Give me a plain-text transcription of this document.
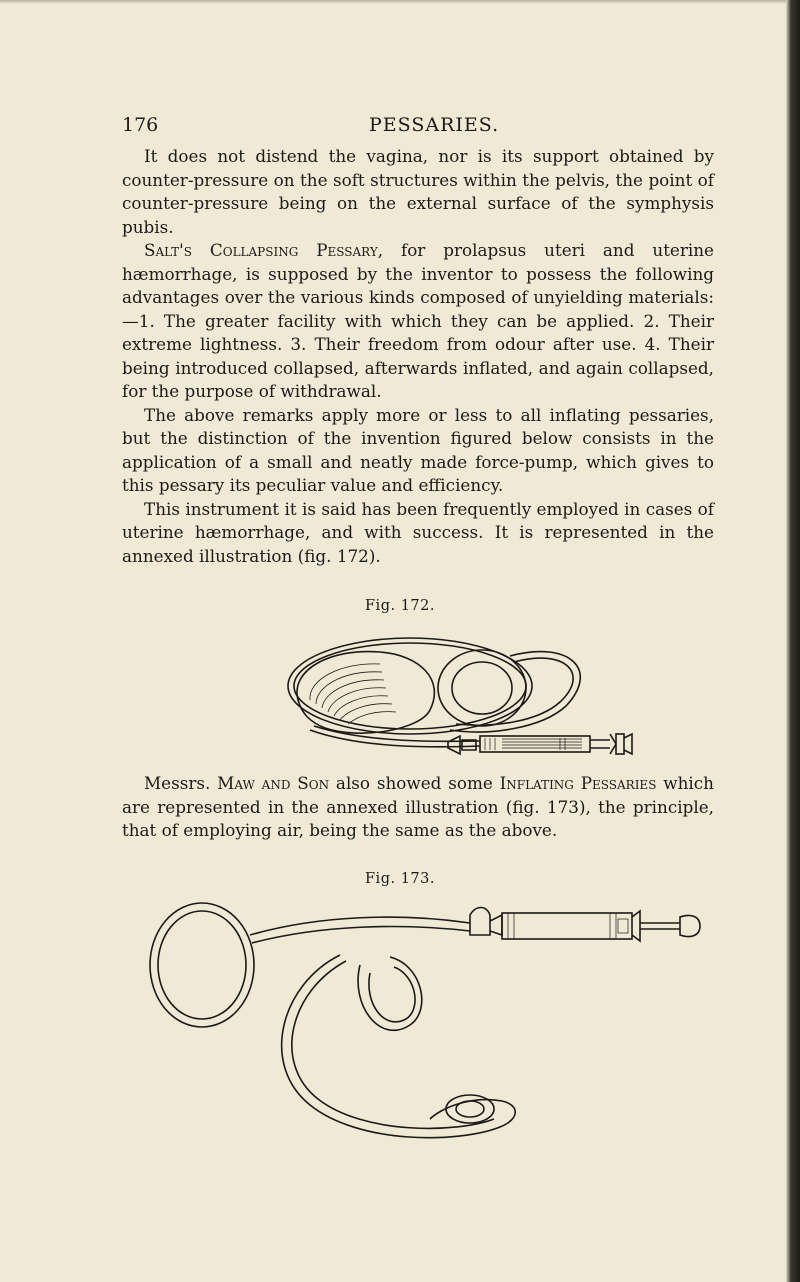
176	PESSARIES.

It does not distend the vagina, nor is its support obtained by counter-pressure on the soft structures within the pelvis, the point of counter-pressure being on the external surface of the symphysis pubis.

Salt's Collapsing Pessary, for prolapsus uteri and uterine hæmorrhage, is supposed by the inventor to possess the following advantages over the various kinds composed of unyielding materials:—1. The greater facility with which they can be applied. 2. Their extreme lightness. 3. Their freedom from odour after use. 4. Their being introduced collapsed, afterwards inflated, and again collapsed, for the purpose of withdrawal.

The above remarks apply more or less to all inflating pessaries, but the distinction of the invention figured below consists in the application of a small and neatly made force-pump, which gives to this pessary its peculiar value and efficiency.

This instrument it is said has been frequently employed in cases of uterine hæmorrhage, and with success. It is represented in the annexed illustration (fig. 172).

Fig. 172.

Messrs. Maw and Son also showed some Inflating Pessaries which are represented in the annexed illustration (fig. 173), the principle, that of employing air, being the same as the above.

Fig. 173.
